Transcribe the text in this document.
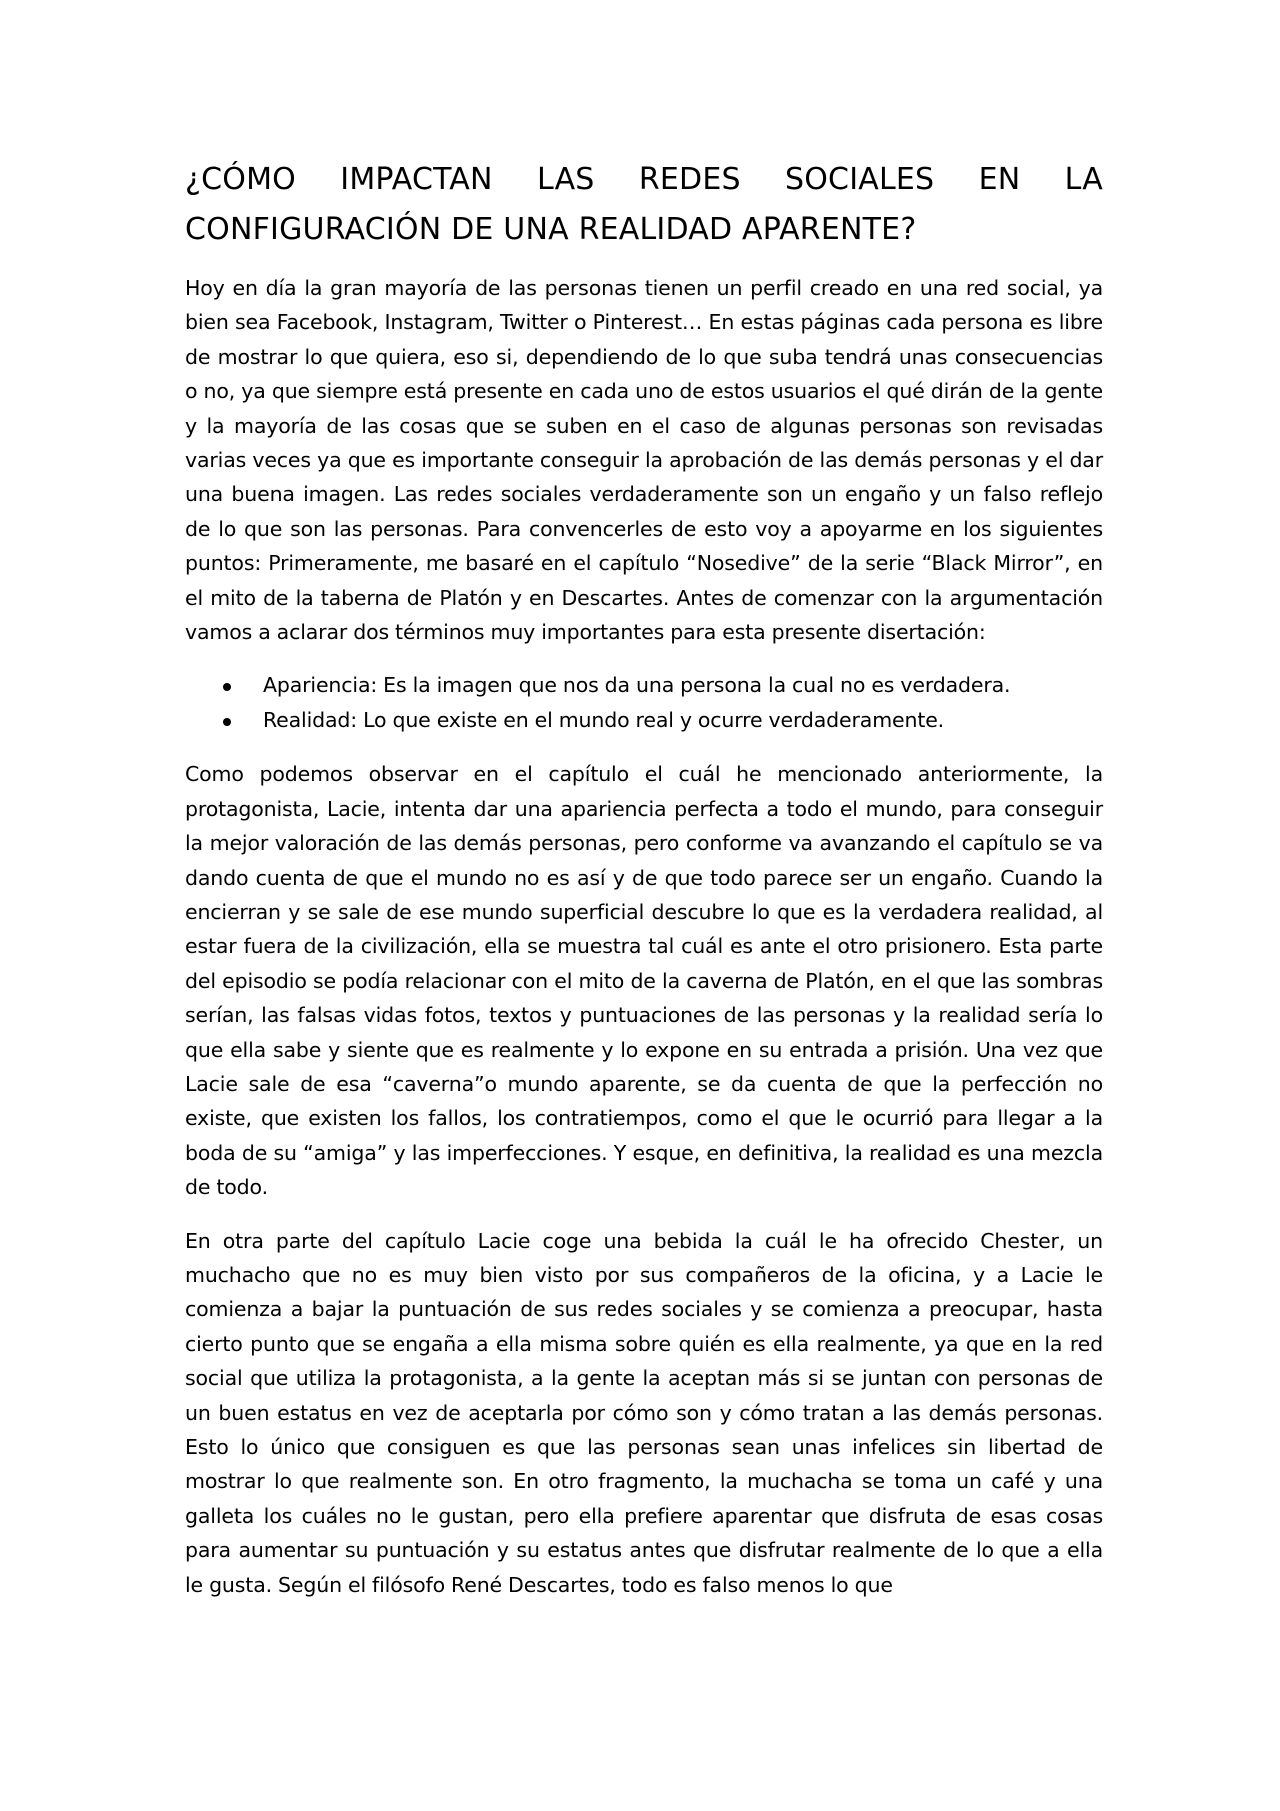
¿CÓMO IMPACTAN LAS REDES SOCIALES EN LA CONFIGURACIÓN DE UNA REALIDAD APARENTE?

Hoy en día la gran mayoría de las personas tienen un perfil creado en una red social, ya bien sea Facebook, Instagram, Twitter o Pinterest… En estas páginas cada persona es libre de mostrar lo que quiera, eso si, dependiendo de lo que suba tendrá unas consecuencias o no, ya que siempre está presente en cada uno de estos usuarios el qué dirán de la gente y la mayoría de las cosas que se suben en el caso de algunas personas son revisadas varias veces ya que es importante conseguir la aprobación de las demás personas y el dar una buena imagen. Las redes sociales verdaderamente son un engaño y un falso reflejo de lo que son las personas. Para convencerles de esto voy a apoyarme en los siguientes puntos: Primeramente, me basaré en el capítulo “Nosedive” de la serie “Black Mirror”, en el mito de la taberna de Platón y en Descartes. Antes de comenzar con la argumentación vamos a aclarar dos términos muy importantes para esta presente disertación:

Apariencia: Es la imagen que nos da una persona la cual no es verdadera.
Realidad: Lo que existe en el mundo real y ocurre verdaderamente.

Como podemos observar en el capítulo el cuál he mencionado anteriormente, la protagonista, Lacie, intenta dar una apariencia perfecta a todo el mundo, para conseguir la mejor valoración de las demás personas, pero conforme va avanzando el capítulo se va dando cuenta de que el mundo no es así y de que todo parece ser un engaño. Cuando la encierran y se sale de ese mundo superficial descubre lo que es la verdadera realidad, al estar fuera de la civilización, ella se muestra tal cuál es ante el otro prisionero. Esta parte del episodio se podía relacionar con el mito de la caverna de Platón, en el que las sombras serían, las falsas vidas fotos, textos y puntuaciones de las personas y la realidad sería lo que ella sabe y siente que es realmente y lo expone en su entrada a prisión. Una vez que Lacie sale de esa “caverna”o mundo aparente, se da cuenta de que la perfección no existe, que existen los fallos, los contratiempos, como el que le ocurrió para llegar a la boda de su “amiga” y las imperfecciones. Y esque, en definitiva, la realidad es una mezcla de todo.

En otra parte del capítulo Lacie coge una bebida la cuál le ha ofrecido Chester, un muchacho que no es muy bien visto por sus compañeros de la oficina, y a Lacie le comienza a bajar la puntuación de sus redes sociales y se comienza a preocupar, hasta cierto punto que se engaña a ella misma sobre quién es ella realmente, ya que en la red social que utiliza la protagonista, a la gente la aceptan más si se juntan con personas de un buen estatus en vez de aceptarla por cómo son y cómo tratan a las demás personas. Esto lo único que consiguen es que las personas sean unas infelices sin libertad de mostrar lo que realmente son. En otro fragmento, la muchacha se toma un café y una galleta los cuáles no le gustan, pero ella prefiere aparentar que disfruta de esas cosas para aumentar su puntuación y su estatus antes que disfrutar realmente de lo que a ella le gusta. Según el filósofo René Descartes, todo es falso menos lo que
